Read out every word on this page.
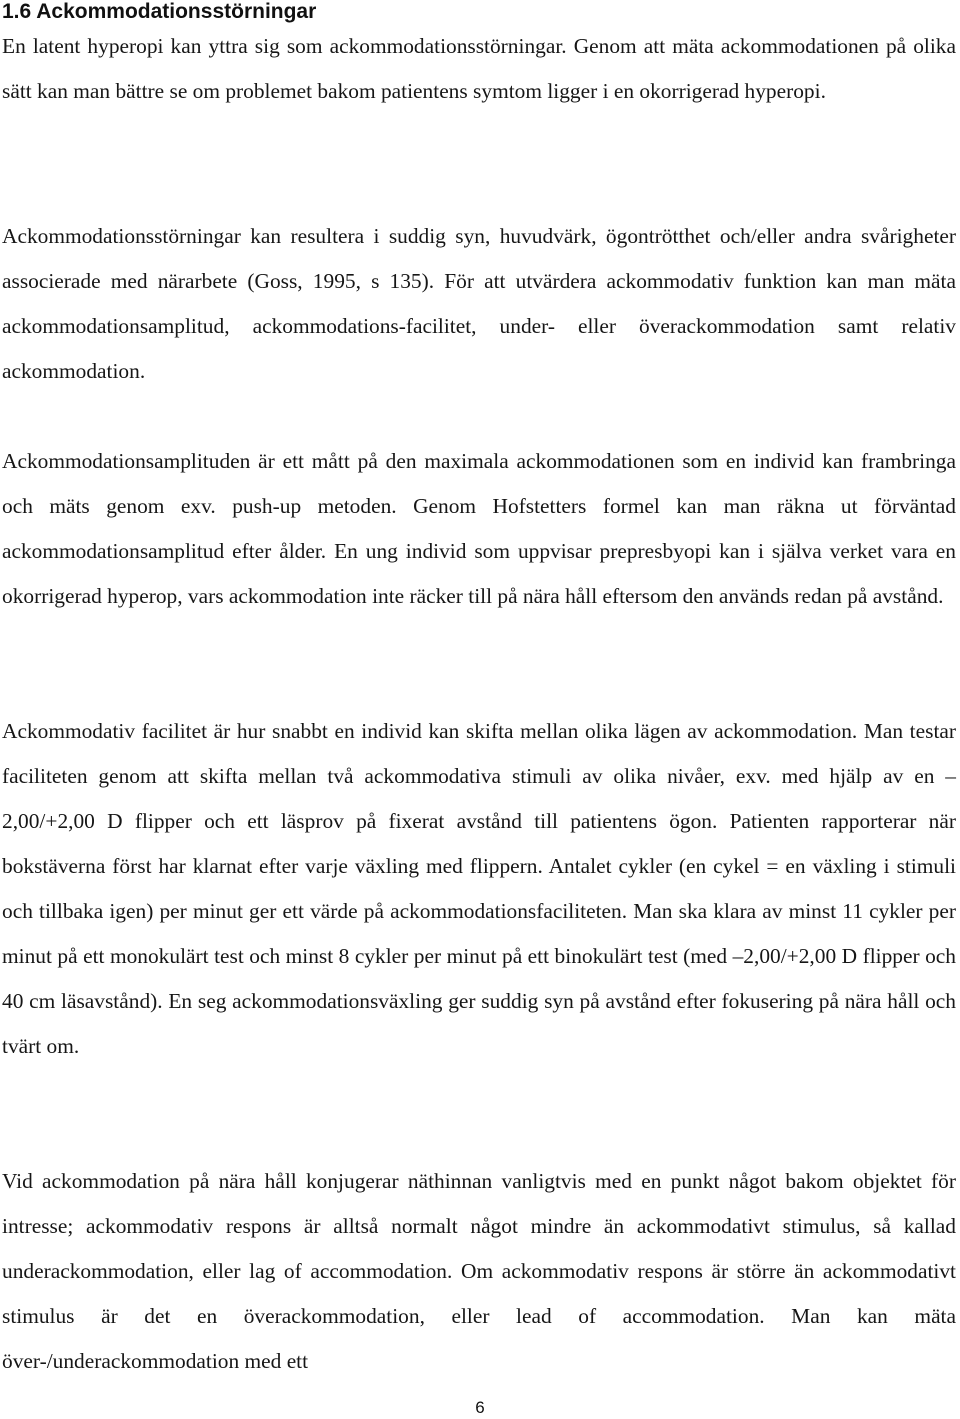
1.6 Ackommodationsstörningar

En latent hyperopi kan yttra sig som ackommodationsstörningar. Genom att mäta ackommodationen på olika sätt kan man bättre se om problemet bakom patientens symtom ligger i en okorrigerad hyperopi.

Ackommodationsstörningar kan resultera i suddig syn, huvudvärk, ögontrötthet och/eller andra svårigheter associerade med närarbete (Goss, 1995, s 135). För att utvärdera ackommodativ funktion kan man mäta ackommodationsamplitud, ackommodations-facilitet, under- eller överackommodation samt relativ ackommodation.

Ackommodationsamplituden är ett mått på den maximala ackommodationen som en individ kan frambringa och mäts genom exv. push-up metoden. Genom Hofstetters formel kan man räkna ut förväntad ackommodationsamplitud efter ålder. En ung individ som uppvisar prepresbyopi kan i själva verket vara en okorrigerad hyperop, vars ackommodation inte räcker till på nära håll eftersom den används redan på avstånd.

Ackommodativ facilitet är hur snabbt en individ kan skifta mellan olika lägen av ackommodation. Man testar faciliteten genom att skifta mellan två ackommodativa stimuli av olika nivåer, exv. med hjälp av en –2,00/+2,00 D flipper och ett läsprov på fixerat avstånd till patientens ögon. Patienten rapporterar när bokstäverna först har klarnat efter varje växling med flippern. Antalet cykler (en cykel = en växling i stimuli och tillbaka igen) per minut ger ett värde på ackommodationsfaciliteten. Man ska klara av minst 11 cykler per minut på ett monokulärt test och minst 8 cykler per minut på ett binokulärt test (med –2,00/+2,00 D flipper och 40 cm läsavstånd). En seg ackommodationsväxling ger suddig syn på avstånd efter fokusering på nära håll och tvärt om.

Vid ackommodation på nära håll konjugerar näthinnan vanligtvis med en punkt något bakom objektet för intresse; ackommodativ respons är alltså normalt något mindre än ackommodativt stimulus, så kallad underackommodation, eller lag of accommodation. Om ackommodativ respons är större än ackommodativt stimulus är det en överackommodation, eller lead of accommodation. Man kan mäta över-/underackommodation med ett

6
